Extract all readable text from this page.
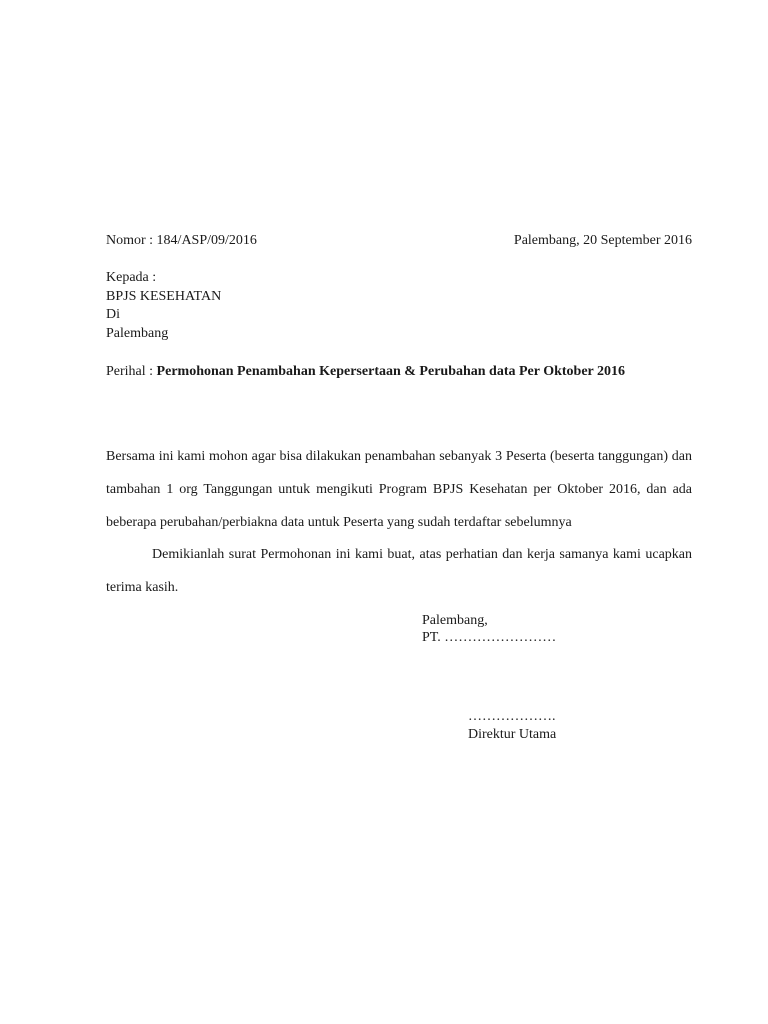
Nomor : 184/ASP/09/2016	Palembang, 20 September 2016
Kepada :
BPJS KESEHATAN
Di
Palembang
Perihal : Permohonan Penambahan Kepersertaan & Perubahan data Per Oktober 2016
Bersama ini kami mohon agar bisa dilakukan penambahan sebanyak 3 Peserta (beserta tanggungan) dan tambahan 1 org Tanggungan untuk mengikuti Program BPJS Kesehatan per Oktober 2016, dan ada beberapa perubahan/perbiakna data untuk Peserta yang sudah terdaftar sebelumnya
Demikianlah surat Permohonan ini kami buat, atas perhatian dan kerja samanya kami ucapkan terima kasih.
Palembang,
PT. ……………………
……………….
Direktur Utama
